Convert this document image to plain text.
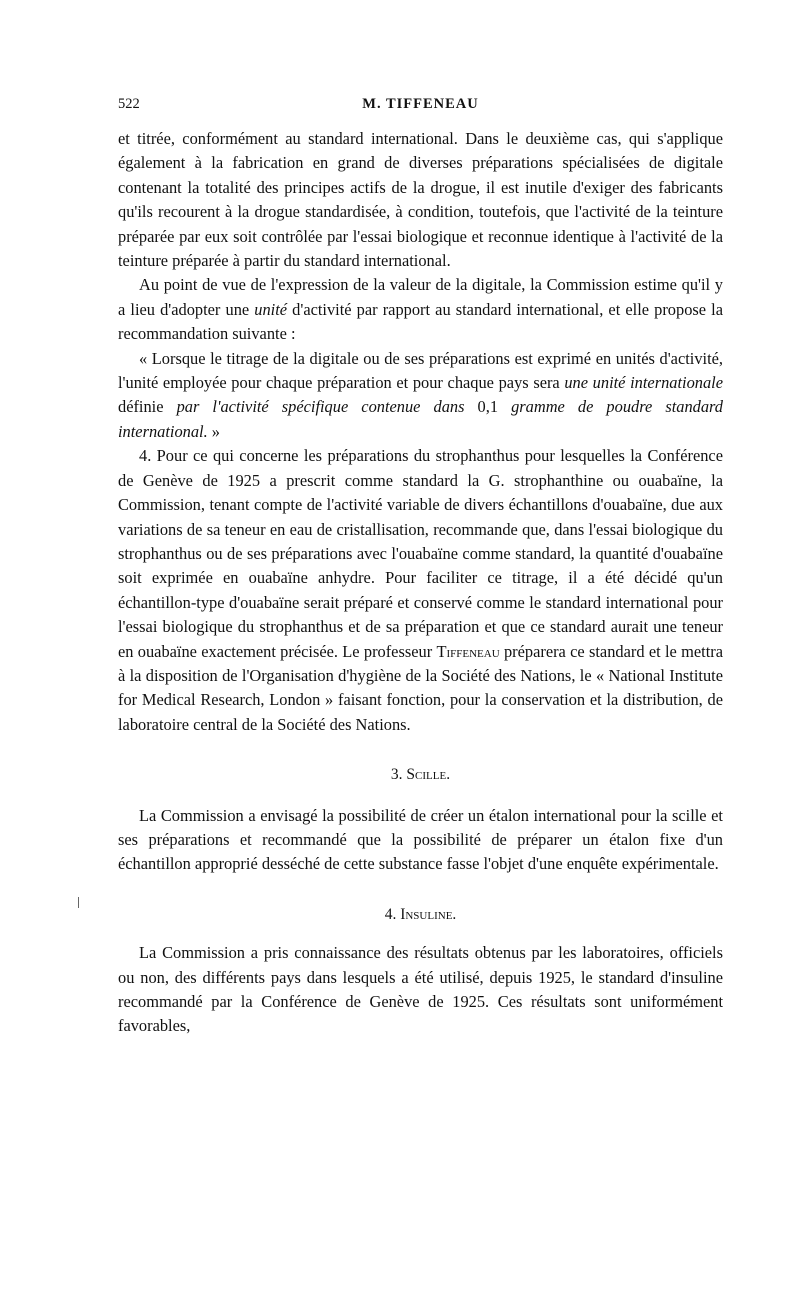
522	M. TIFFENEAU

et titrée, conformément au standard international. Dans le deuxième cas, qui s'applique également à la fabrication en grand de diverses préparations spécialisées de digitale contenant la totalité des principes actifs de la drogue, il est inutile d'exiger des fabricants qu'ils recourent à la drogue standardisée, à condition, toutefois, que l'activité de la teinture préparée par eux soit contrôlée par l'essai biologique et reconnue identique à l'activité de la teinture préparée à partir du standard international.

Au point de vue de l'expression de la valeur de la digitale, la Commission estime qu'il y a lieu d'adopter une unité d'activité par rapport au standard international, et elle propose la recommandation suivante :

« Lorsque le titrage de la digitale ou de ses préparations est exprimé en unités d'activité, l'unité employée pour chaque préparation et pour chaque pays sera une unité internationale définie par l'activité spécifique contenue dans 0,1 gramme de poudre standard international. »

4. Pour ce qui concerne les préparations du strophanthus pour lesquelles la Conférence de Genève de 1925 a prescrit comme standard la G. strophanthine ou ouabaïne, la Commission, tenant compte de l'activité variable de divers échantillons d'ouabaïne, due aux variations de sa teneur en eau de cristallisation, recommande que, dans l'essai biologique du strophanthus ou de ses préparations avec l'ouabaïne comme standard, la quantité d'ouabaïne soit exprimée en ouabaïne anhydre. Pour faciliter ce titrage, il a été décidé qu'un échantillon-type d'ouabaïne serait préparé et conservé comme le standard international pour l'essai biologique du strophanthus et de sa préparation et que ce standard aurait une teneur en ouabaïne exactement précisée. Le professeur Tiffeneau préparera ce standard et le mettra à la disposition de l'Organisation d'hygiène de la Société des Nations, le « National Institute for Medical Research, London » faisant fonction, pour la conservation et la distribution, de laboratoire central de la Société des Nations.

3. Scille.

La Commission a envisagé la possibilité de créer un étalon international pour la scille et ses préparations et recommandé que la possibilité de préparer un étalon fixe d'un échantillon approprié desséché de cette substance fasse l'objet d'une enquête expérimentale.

4. Insuline.

La Commission a pris connaissance des résultats obtenus par les laboratoires, officiels ou non, des différents pays dans lesquels a été utilisé, depuis 1925, le standard d'insuline recommandé par la Conférence de Genève de 1925. Ces résultats sont uniformément favorables,
